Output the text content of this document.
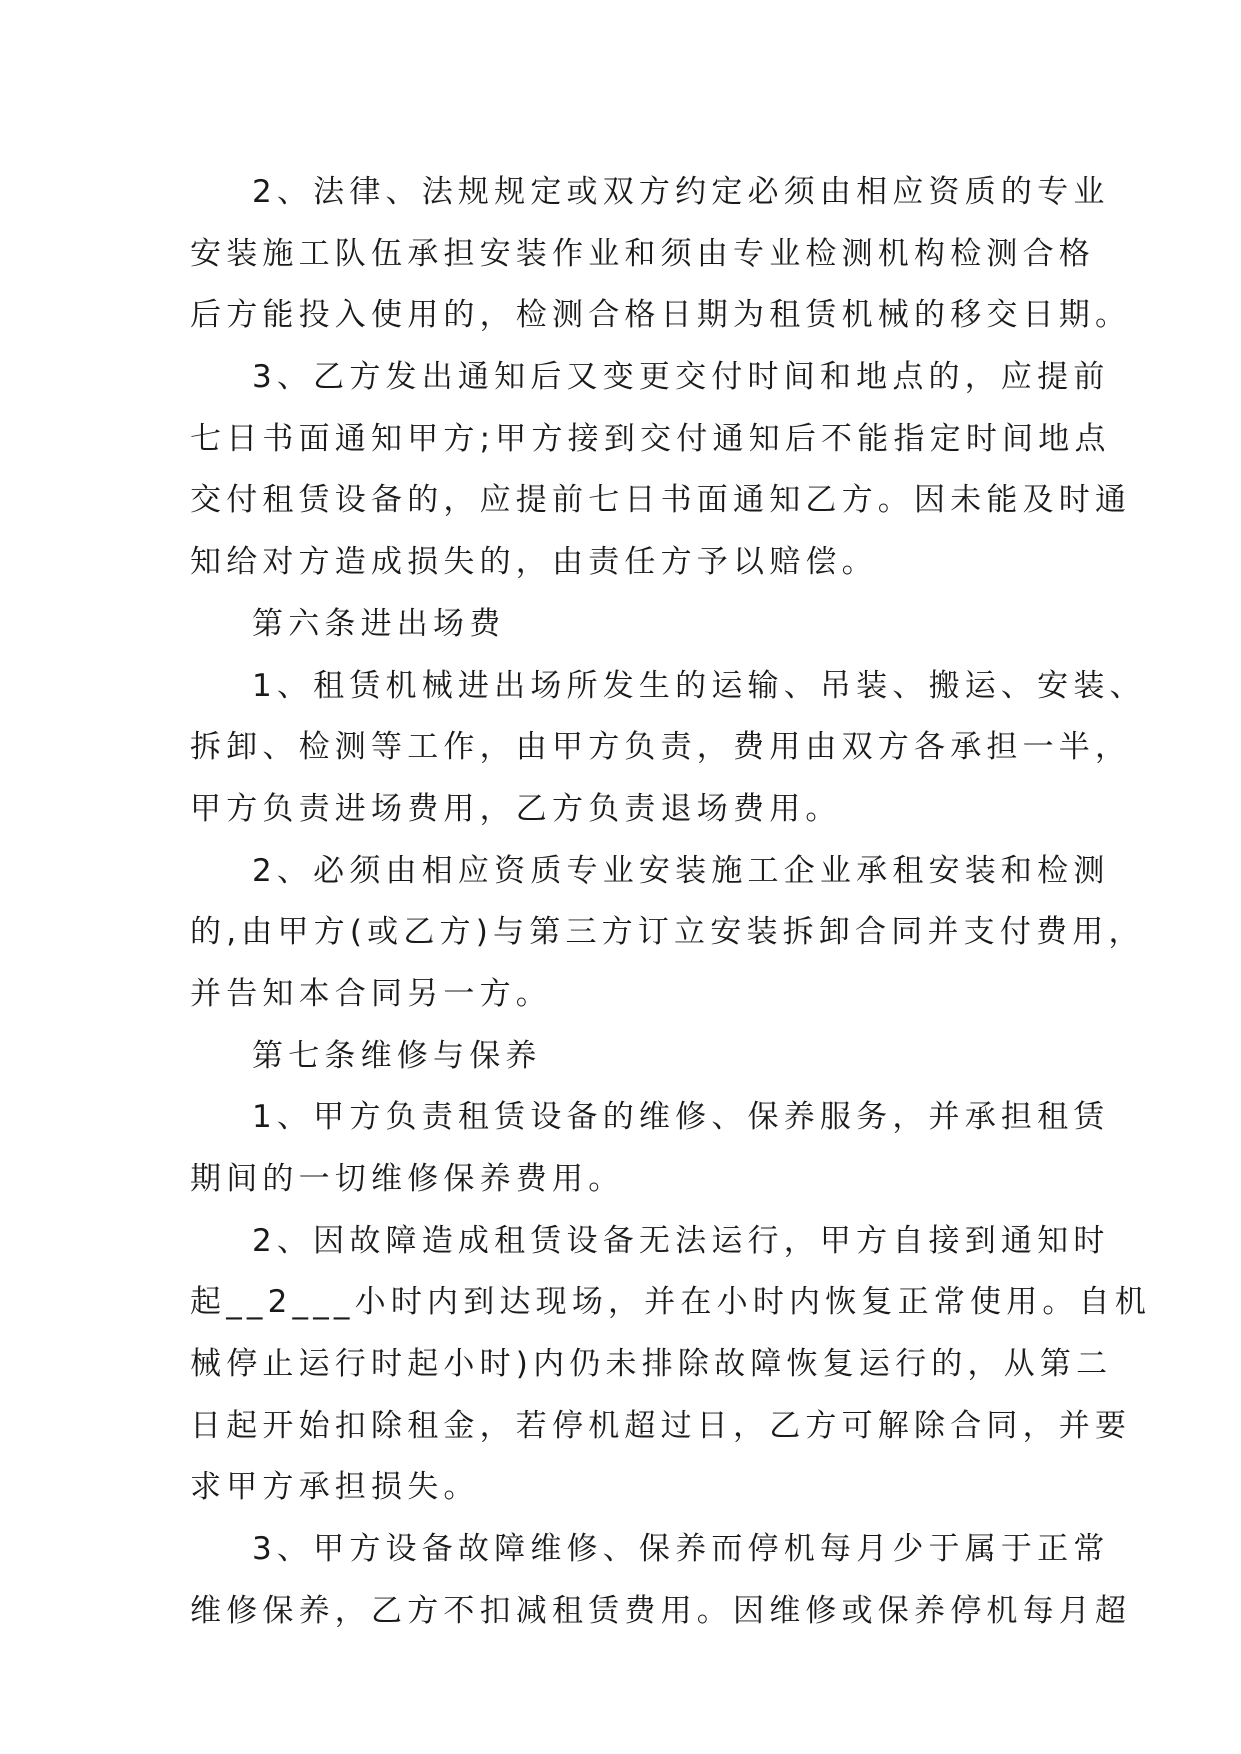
2、法律、法规规定或双方约定必须由相应资质的专业
安装施工队伍承担安装作业和须由专业检测机构检测合格
后方能投入使用的，检测合格日期为租赁机械的移交日期。
3、乙方发出通知后又变更交付时间和地点的，应提前
七日书面通知甲方;甲方接到交付通知后不能指定时间地点
交付租赁设备的，应提前七日书面通知乙方。因未能及时通
知给对方造成损失的，由责任方予以赔偿。
第六条进出场费
1、租赁机械进出场所发生的运输、吊装、搬运、安装、
拆卸、检测等工作，由甲方负责，费用由双方各承担一半，
甲方负责进场费用，乙方负责退场费用。
2、必须由相应资质专业安装施工企业承租安装和检测
的,由甲方(或乙方)与第三方订立安装拆卸合同并支付费用，
并告知本合同另一方。
第七条维修与保养
1、甲方负责租赁设备的维修、保养服务，并承担租赁
期间的一切维修保养费用。
2、因故障造成租赁设备无法运行，甲方自接到通知时
起__2___小时内到达现场，并在小时内恢复正常使用。自机
械停止运行时起小时)内仍未排除故障恢复运行的，从第二
日起开始扣除租金，若停机超过日，乙方可解除合同，并要
求甲方承担损失。
3、甲方设备故障维修、保养而停机每月少于属于正常
维修保养，乙方不扣减租赁费用。因维修或保养停机每月超
